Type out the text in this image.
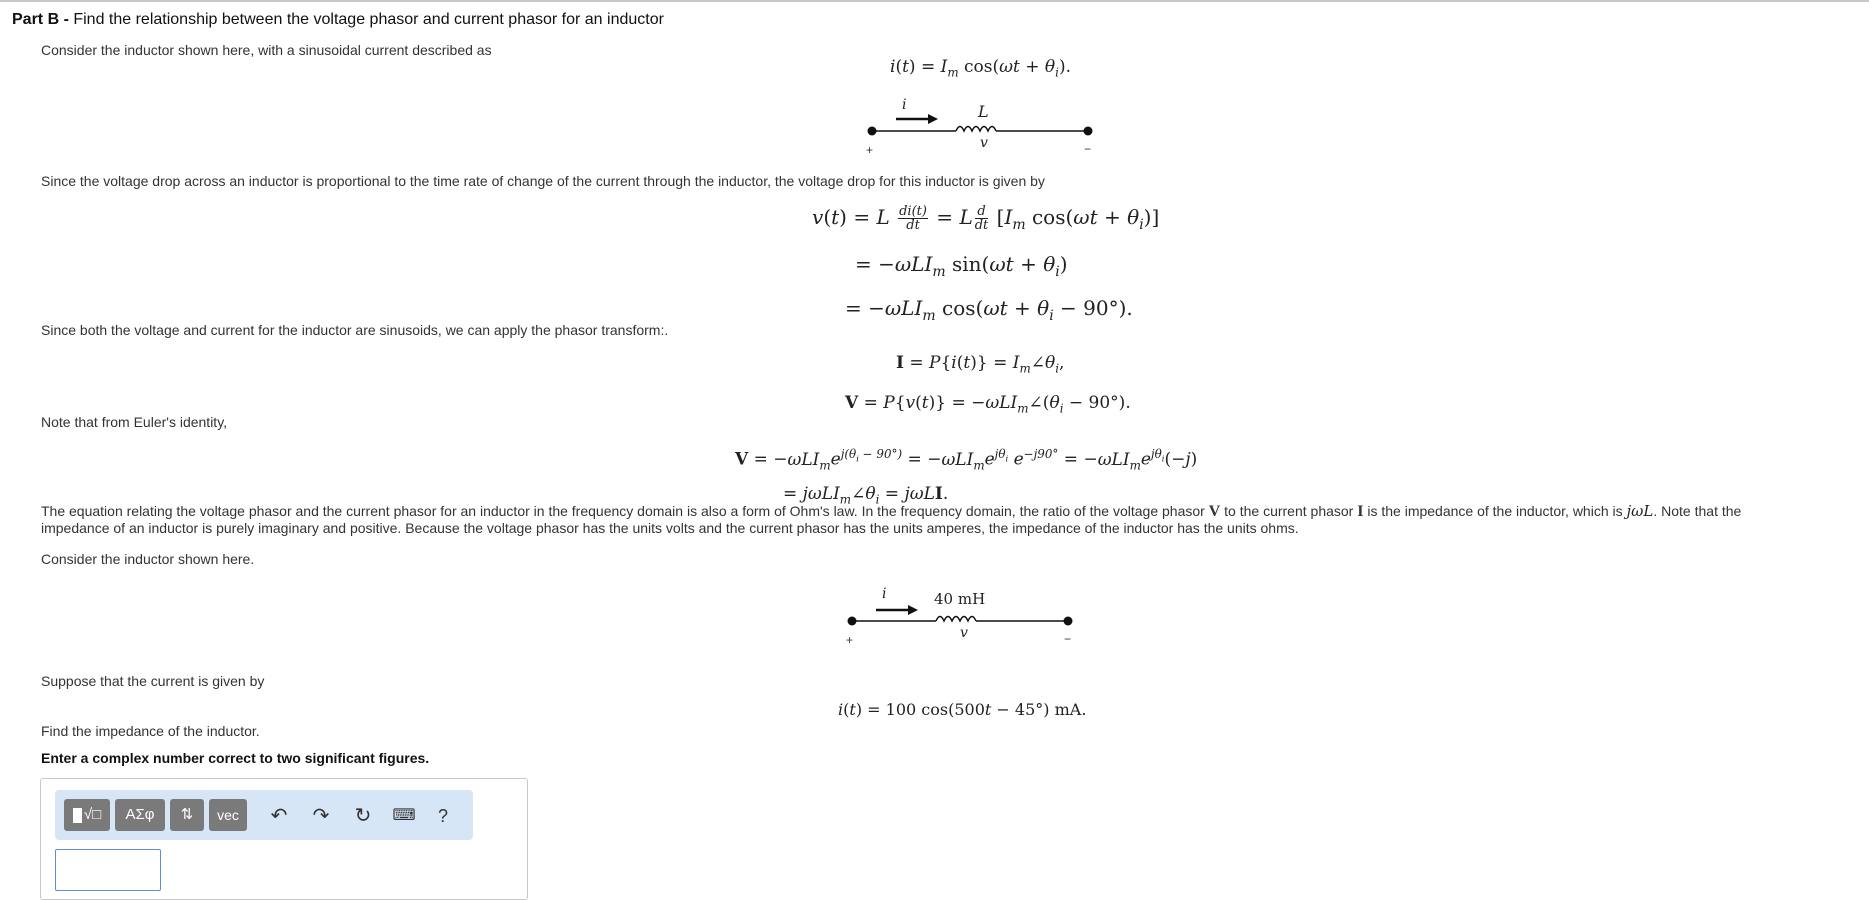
Part B - Find the relationship between the voltage phasor and current phasor for an inductor
Consider the inductor shown here, with a sinusoidal current described as
$i(t) = I_m$ $\cos(\omega t + \theta_i)$.
i	L
v
+	−
Since the voltage drop across an inductor is proportional to the time rate of change of the current through the inductor, the voltage drop for this inductor is given by
v(t) = L $\frac{di(t)}{dt} = L \frac{d}{dt} [I_m$ $\cos(\omega t + \theta_i)$]
= −ωLI$_m$ $\sin(\omega t + \theta_i)$
= −ωLI$_m$ $\cos(\omega t + \theta_i - 90^\circ)$.
Since both the voltage and current for the inductor are sinusoids, we can apply the phasor transform:.
$I = P\{i(t)\} = I_m\angle\theta_i$,
$V = P\{v(t)\} = -\omega LI_m\angle(\theta_i - 90^\circ)$.
Note that from Euler's identity,
$V = -\omega LI_me^{j(\theta_i - 90^\circ)} = -\omega LI_me^{j\theta_i}$ $e^{-j90^\circ} = -\omega LI_me^{j\theta_i}(-j)$
= $j\omega LI_m\angle\theta_i = j\omega LI$.
The equation relating the voltage phasor and the current phasor for an inductor in the frequency domain is also a form of Ohm's law. In the frequency domain, the ratio of the voltage phasor V to the current phasor I is the impedance of the inductor, which is jωL. Note that the
impedance of an inductor is purely imaginary and positive. Because the voltage phasor has the units volts and the current phasor has the units amperes, the impedance of the inductor has the units ohms.
Consider the inductor shown here.
i	40 mH
v
+	−
Suppose that the current is given by
i(t) = 100 cos(500t − 45°) mA.
Find the impedance of the inductor.
Enter a complex number correct to two significant figures.
√□	AΣφ	⇅	vec	↶ ↷ ↻	⌨	?
